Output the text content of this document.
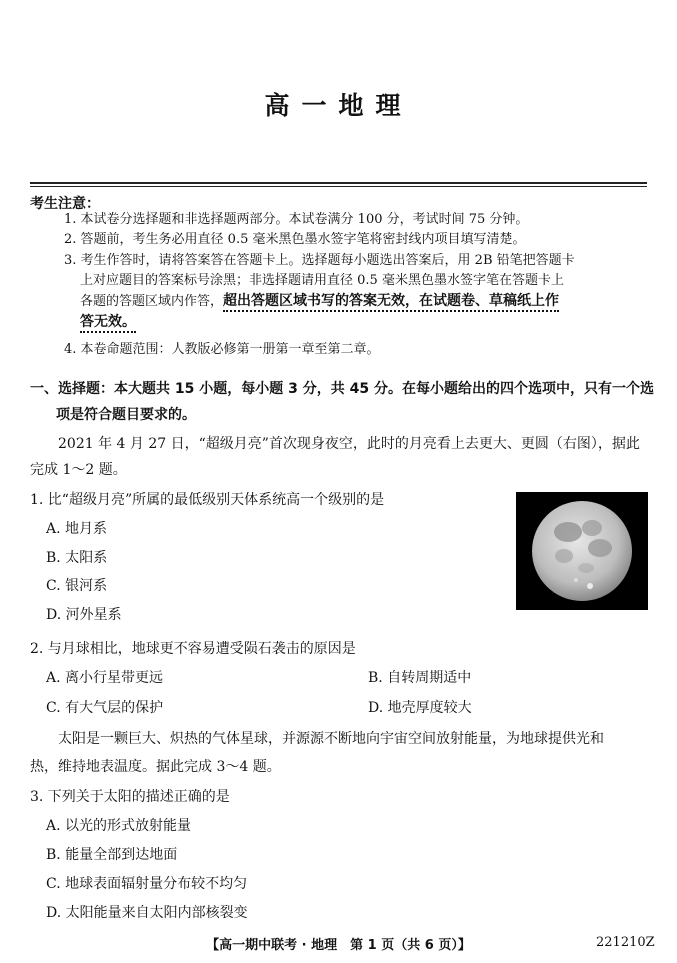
高一地理
考生注意：
1. 本试卷分选择题和非选择题两部分。本试卷满分 100 分，考试时间 75 分钟。
2. 答题前，考生务必用直径 0.5 毫米黑色墨水签字笔将密封线内项目填写清楚。
3. 考生作答时，请将答案答在答题卡上。选择题每小题选出答案后，用 2B 铅笔把答题卡
上对应题目的答案标号涂黑；非选择题请用直径 0.5 毫米黑色墨水签字笔在答题卡上
各题的答题区域内作答，超出答题区域书写的答案无效，在试题卷、草稿纸上作
答无效。
4. 本卷命题范围：人教版必修第一册第一章至第二章。
一、选择题：本大题共 15 小题，每小题 3 分，共 45 分。在每小题给出的四个选项中，只有一个选
项是符合题目要求的。
2021 年 4 月 27 日，“超级月亮”首次现身夜空，此时的月亮看上去更大、更圆（右图），据此
完成 1～2 题。
1. 比“超级月亮”所属的最低级别天体系统高一个级别的是
A. 地月系
B. 太阳系
C. 银河系
D. 河外星系
2. 与月球相比，地球更不容易遭受陨石袭击的原因是
A. 离小行星带更远	B. 自转周期适中
C. 有大气层的保护	D. 地壳厚度较大
太阳是一颗巨大、炽热的气体星球，并源源不断地向宇宙空间放射能量，为地球提供光和
热，维持地表温度。据此完成 3～4 题。
3. 下列关于太阳的描述正确的是
A. 以光的形式放射能量
B. 能量全部到达地面
C. 地球表面辐射量分布较不均匀
D. 太阳能量来自太阳内部核裂变
【高一期中联考 · 地理　第 1 页（共 6 页）】	221210Z
